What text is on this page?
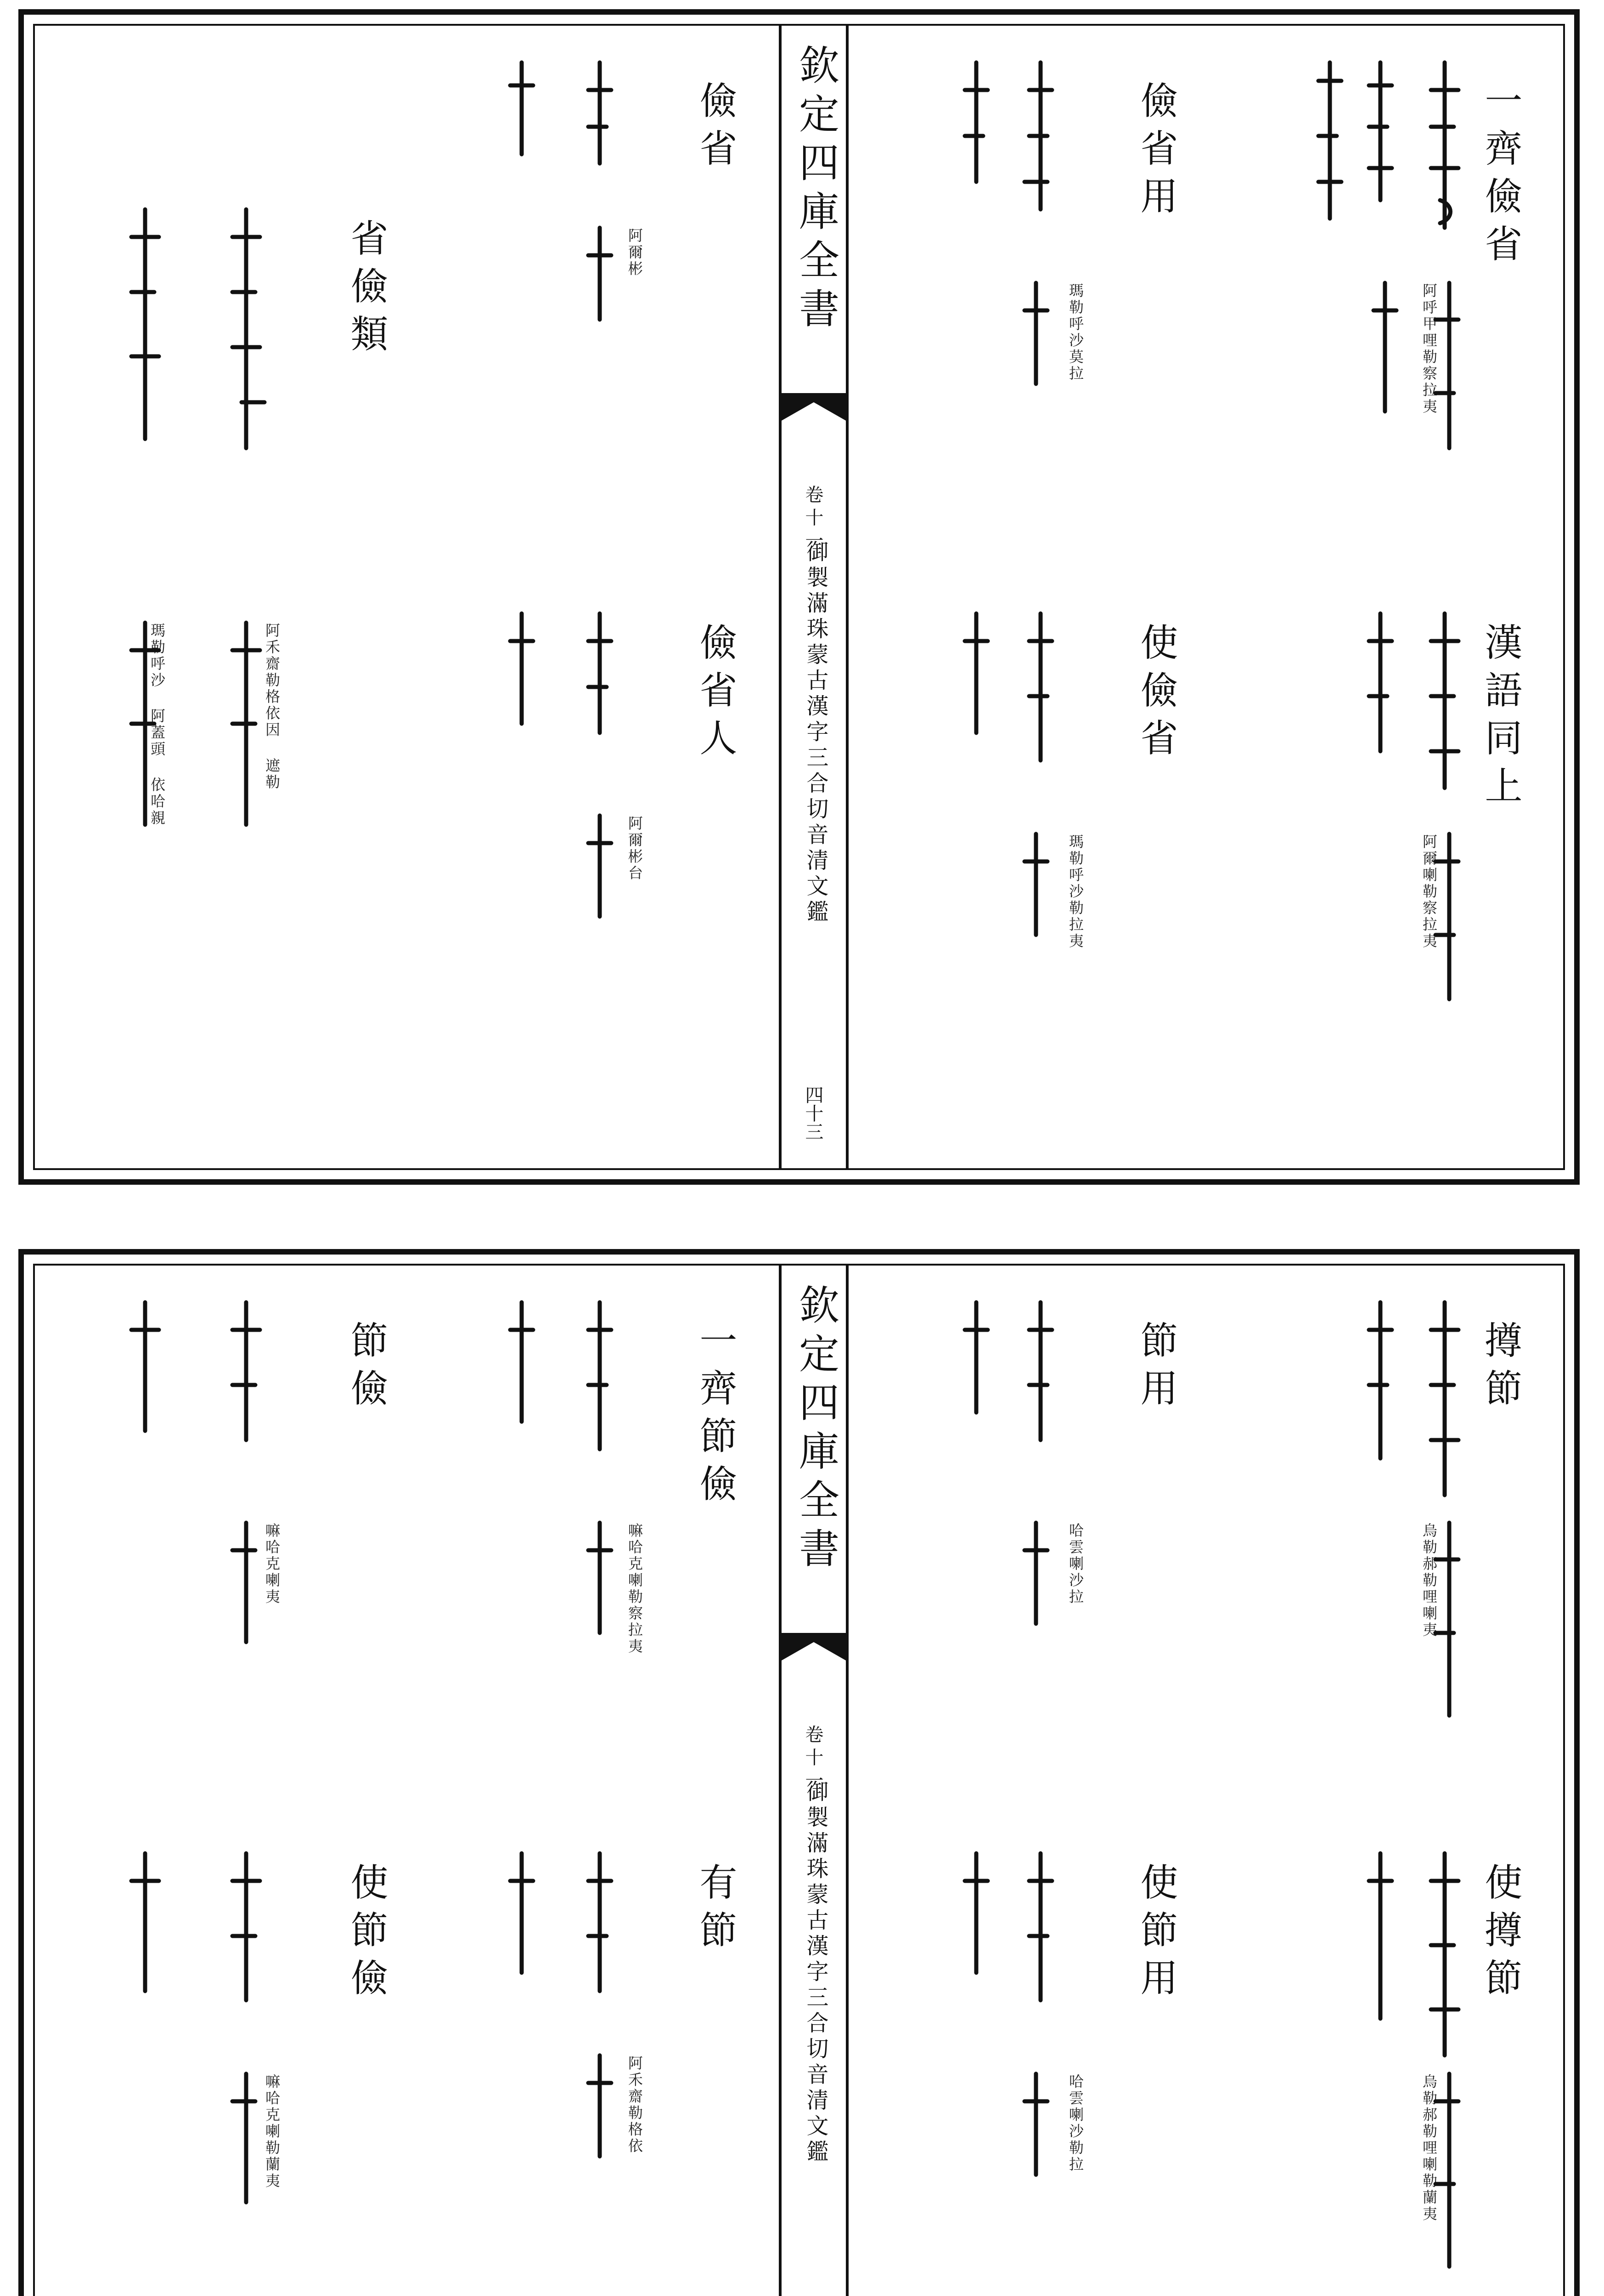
欽定四庫全書
卷十一
御製滿珠蒙古漢字三合切音清文鑑
四十三
一齊儉省
阿呼甲哩勒察拉夷
漢語同上
阿爾喇勒察拉夷
儉省用
瑪勒呼沙莫拉
使儉省
瑪勒呼沙勒拉夷
儉省
阿爾彬
儉省人
阿爾彬台
省儉類
阿禾齋勒格依因 遮勒
瑪勒呼沙 阿蓋頭 依哈親
欽定四庫全書
卷十一
御製滿珠蒙古漢字三合切音清文鑑
撙節
烏勒郝勒哩喇夷
使撙節
烏勒郝勒哩喇勒蘭夷
節用
哈雲喇沙拉
使節用
哈雲喇沙勒拉
一齊節儉
嘛哈克喇勒察拉夷
有節
阿禾齋勒格依
節儉
嘛哈克喇夷
使節儉
嘛哈克喇勒蘭夷
